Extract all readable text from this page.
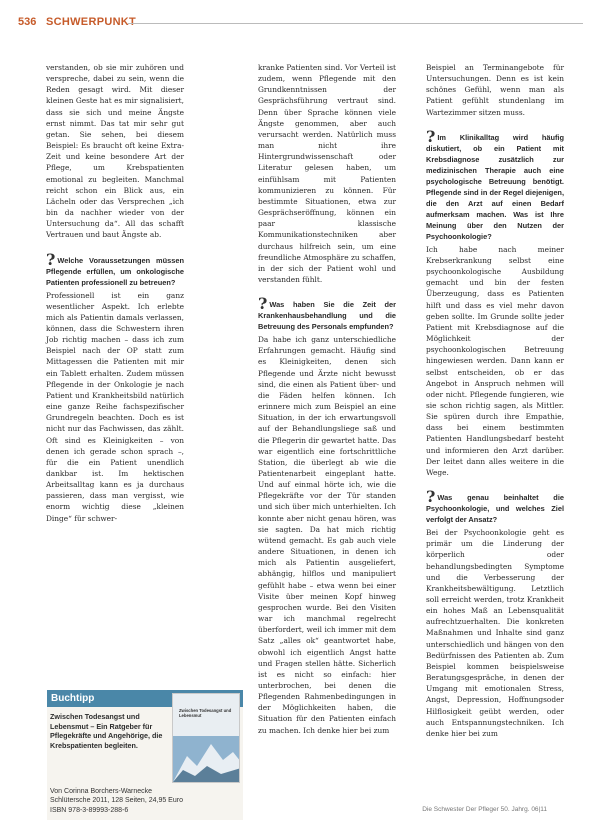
536 SCHWERPUNKT

verstanden, ob sie mir zuhören und verspreche, dabei zu sein, wenn die Reden gesagt wird. Mit dieser kleinen Geste hat es mir signalisiert, dass sie sich und meine Ängste ernst nimmt. Das tat mir sehr gut getan. Sie sehen, bei diesem Beispiel: Es braucht oft keine Extra-Zeit und keine besondere Art der Pflege, um Krebspatienten emotional zu begleiten. Manchmal reicht schon ein Blick aus, ein Lächeln oder das Versprechen „ich bin da nachher wieder von der Untersuchung da“. All das schafft Vertrauen und baut Ängste ab.

? Welche Voraussetzungen müssen Pflegende erfüllen, um onkologische Patienten professionell zu betreuen?

Professionell ist ein ganz wesentlicher Aspekt. Ich erlebte mich als Patientin damals verlassen, können, dass die Schwestern ihren Job richtig machen – dass ich zum Beispiel nach der OP statt zum Mittagessen die Patienten mit mir ein Tablett erhalten. Zudem müssen Pflegende in der Onkologie je nach Patient und Krankheitsbild natürlich eine ganze Reihe fachspezifischer Grundregeln beachten. Doch es ist nicht nur das Fachwissen, das zählt. Oft sind es Kleinigkeiten – von denen ich gerade schon sprach –, für die ein Patient unendlich dankbar ist. Im hektischen Arbeitsalltag kann es ja durchaus passieren, dass man vergisst, wie enorm wichtig diese „kleinen Dinge“ für schwer-

kranke Patienten sind. Vor Verteil ist zudem, wenn Pflegende mit den Grundkenntnissen der Gesprächsführung vertraut sind. Denn über Sprache können viele Ängste genommen, aber auch verursacht werden. Natürlich muss man nicht ihre Hintergrundwissenschaft oder Literatur gelesen haben, um einfühlsam mit Patienten kommunizieren zu können. Für bestimmte Situationen, etwa zur Gesprächseröffnung, können ein paar klassische Kommunikationstechniken aber durchaus hilfreich sein, um eine freundliche Atmosphäre zu schaffen, in der sich der Patient wohl und verstanden fühlt.

? Was haben Sie die Zeit der Krankenhausbehandlung und die Betreuung des Personals empfunden?

Da habe ich ganz unterschiedliche Erfahrungen gemacht. Häufig sind es Kleinigkeiten, denen sich Pflegende und Ärzte nicht bewusst sind, die einen als Patient über- und die Fäden helfen können. Ich erinnere mich zum Beispiel an eine Situation, in der ich erwartungsvoll auf der Behandlungsliege saß und die Pflegerin dir gewartet hatte. Das war eigentlich eine fortschrittliche Station, die überlegt ab wie die Patientenarbeit eingeplant hatte. Und auf einmal hörte ich, wie die Pflegekräfte vor der Tür standen und sich über mich unterhielten. Ich konnte aber nicht genau hören, was sie sagten. Da hat mich richtig wütend gemacht. Es gab auch viele andere Situationen, in denen ich mich als Patientin ausgeliefert, abhängig, hilflos und manipuliert gefühlt habe – etwa wenn bei einer Visite über meinen Kopf hinweg gesprochen wurde. Bei den Visiten war ich manchmal regelrecht überfordert, weil ich immer mit dem Satz „alles ok“ geantwortet habe, obwohl ich eigentlich Angst hatte und Fragen stellen hätte. Sicherlich ist es nicht so einfach: hier unterbrochen, bei denen die Pflegenden Rahmenbedingungen in der Möglichkeiten haben, die Situation für den Patienten einfach zu machen. Ich denke hier bei zum

Beispiel an Terminangebote für Untersuchungen. Denn es ist kein schönes Gefühl, wenn man als Patient gefühlt stundenlang im Wartezimmer sitzen muss.

? Im Klinikalltag wird häufig diskutiert, ob ein Patient mit Krebsdiagnose zusätzlich zur medizinischen Therapie auch eine psychologische Betreuung benötigt. Pflegende sind in der Regel diejenigen, die den Arzt auf einen Bedarf aufmerksam machen. Was ist Ihre Meinung über den Nutzen der Psychoonkologie?

Ich habe nach meiner Krebserkrankung selbst eine psychoonkologische Ausbildung gemacht und bin der festen Überzeugung, dass es Patienten hilft und dass es viel mehr davon geben sollte. Im Grunde sollte jeder Patient mit Krebsdiagnose auf die Möglichkeit der psychoonkologischen Betreuung hingewiesen werden. Dann kann er selbst entscheiden, ob er das Angebot in Anspruch nehmen will oder nicht. Pflegende fungieren, wie sie schon richtig sagen, als Mittler. Sie spüren durch ihre Empathie, dass bei einem bestimmten Patienten Handlungsbedarf besteht und informieren den Arzt darüber. Der leitet dann alles weitere in die Wege.

? Was genau beinhaltet die Psychoonkologie, und welches Ziel verfolgt der Ansatz?

Bei der Psychoonkologie geht es primär um die Linderung der körperlich oder behandlungsbedingten Symptome und die Verbesserung der Krankheitsbewältigung. Letztlich soll erreicht werden, trotz Krankheit ein hohes Maß an Lebensqualität aufrechtzuerhalten. Die konkreten Maßnahmen und Inhalte sind ganz unterschiedlich und hängen von den Bedürfnissen des Patienten ab. Zum Beispiel kommen beispielsweise Beratungsgespräche, in denen der Umgang mit emotionalen Stress, Angst, Depression, Hoffnungsoder Hilflosigkeit geübt werden, oder auch Entspannungstechniken. Ich denke hier bei zum

Buchtipp
Zwischen Todesangst und Lebensmut – Ein Ratgeber für Pflegekräfte und Angehörige, die Krebspatienten begleiten.
Zwischen Todesangst und Lebensmut
Von Corinna Borchers-Warnecke
Schlütersche 2011, 128 Seiten, 24,95 Euro
ISBN 978-3-89993-288-6	Die Schwester Der Pfleger 50. Jahrg. 06|11
